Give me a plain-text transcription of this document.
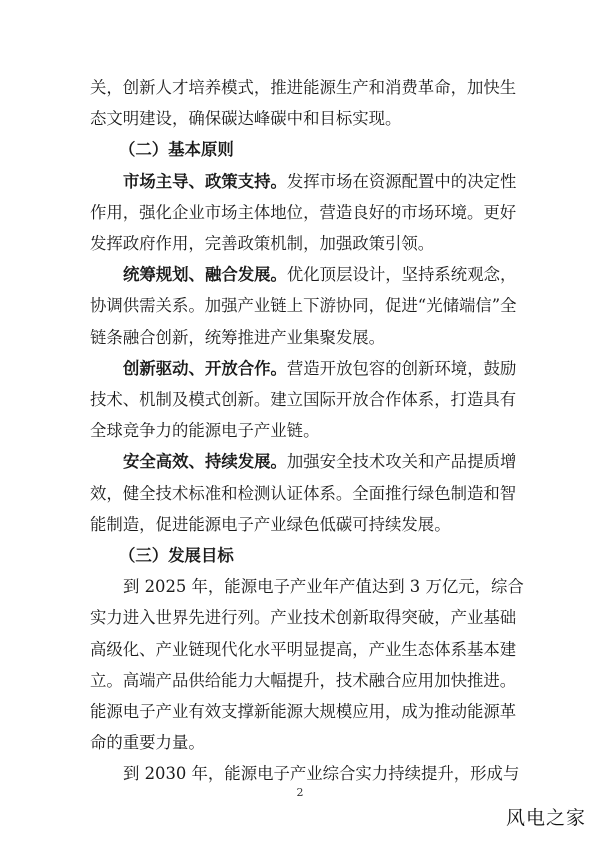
关，创新人才培养模式，推进能源生产和消费革命，加快生
态文明建设，确保碳达峰碳中和目标实现。
（二）基本原则
市场主导、政策支持。发挥市场在资源配置中的决定性
作用，强化企业市场主体地位，营造良好的市场环境。更好
发挥政府作用，完善政策机制，加强政策引领。
统筹规划、融合发展。优化顶层设计，坚持系统观念，
协调供需关系。加强产业链上下游协同，促进“光储端信”全
链条融合创新，统筹推进产业集聚发展。
创新驱动、开放合作。营造开放包容的创新环境，鼓励
技术、机制及模式创新。建立国际开放合作体系，打造具有
全球竞争力的能源电子产业链。
安全高效、持续发展。加强安全技术攻关和产品提质增
效，健全技术标准和检测认证体系。全面推行绿色制造和智
能制造，促进能源电子产业绿色低碳可持续发展。
（三）发展目标
到 2025 年，能源电子产业年产值达到 3 万亿元，综合
实力进入世界先进行列。产业技术创新取得突破，产业基础
高级化、产业链现代化水平明显提高，产业生态体系基本建
立。高端产品供给能力大幅提升，技术融合应用加快推进。
能源电子产业有效支撑新能源大规模应用，成为推动能源革
命的重要力量。
到 2030 年，能源电子产业综合实力持续提升，形成与
2
风电之家
